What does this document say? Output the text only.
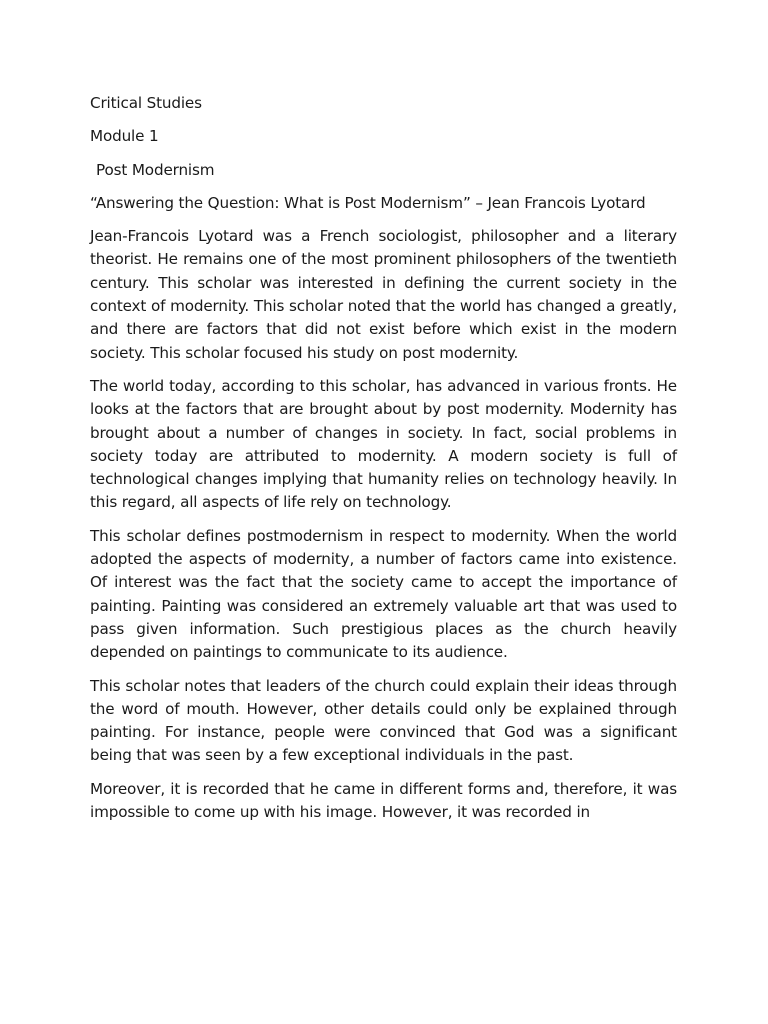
Critical Studies
Module 1
Post Modernism
“Answering the Question: What is Post Modernism” – Jean Francois Lyotard
Jean-Francois Lyotard was a French sociologist, philosopher and a literary theorist. He remains one of the most prominent philosophers of the twentieth century. This scholar was interested in defining the current society in the context of modernity. This scholar noted that the world has changed a greatly, and there are factors that did not exist before which exist in the modern society. This scholar focused his study on post modernity.
The world today, according to this scholar, has advanced in various fronts. He looks at the factors that are brought about by post modernity. Modernity has brought about a number of changes in society. In fact, social problems in society today are attributed to modernity. A modern society is full of technological changes implying that humanity relies on technology heavily. In this regard, all aspects of life rely on technology.
This scholar defines postmodernism in respect to modernity. When the world adopted the aspects of modernity, a number of factors came into existence. Of interest was the fact that the society came to accept the importance of painting. Painting was considered an extremely valuable art that was used to pass given information. Such prestigious places as the church heavily depended on paintings to communicate to its audience.
This scholar notes that leaders of the church could explain their ideas through the word of mouth. However, other details could only be explained through painting. For instance, people were convinced that God was a significant being that was seen by a few exceptional individuals in the past.
Moreover, it is recorded that he came in different forms and, therefore, it was impossible to come up with his image. However, it was recorded in
